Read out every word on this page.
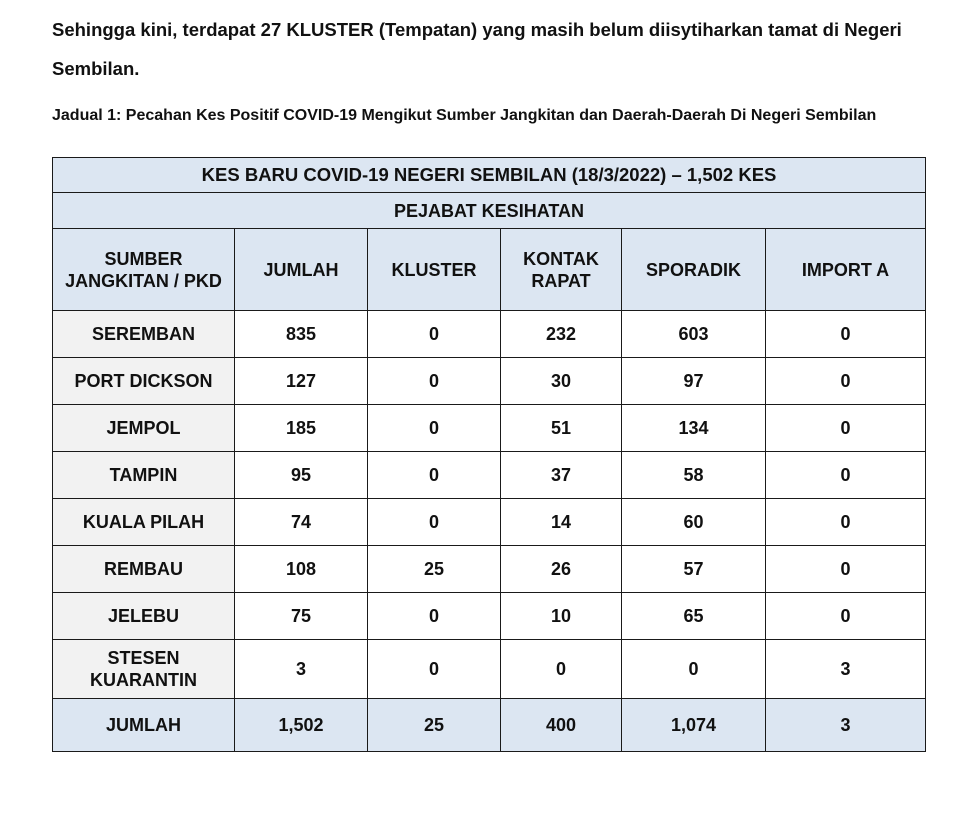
Sehingga kini, terdapat 27 KLUSTER (Tempatan) yang masih belum diisytiharkan tamat di Negeri Sembilan.

Jadual 1: Pecahan Kes Positif COVID-19 Mengikut Sumber Jangkitan dan Daerah-Daerah Di Negeri Sembilan

KES BARU COVID-19 NEGERI SEMBILAN (18/3/2022) – 1,502 KES					
PEJABAT KESIHATAN					
SUMBER JANGKITAN / PKD	JUMLAH	KLUSTER	KONTAK RAPAT	SPORADIK	IMPORT A
SEREMBAN	835	0	232	603	0
PORT DICKSON	127	0	30	97	0
JEMPOL	185	0	51	134	0
TAMPIN	95	0	37	58	0
KUALA PILAH	74	0	14	60	0
REMBAU	108	25	26	57	0
JELEBU	75	0	10	65	0
STESEN KUARANTIN	3	0	0	0	3
JUMLAH	1,502	25	400	1,074	3
